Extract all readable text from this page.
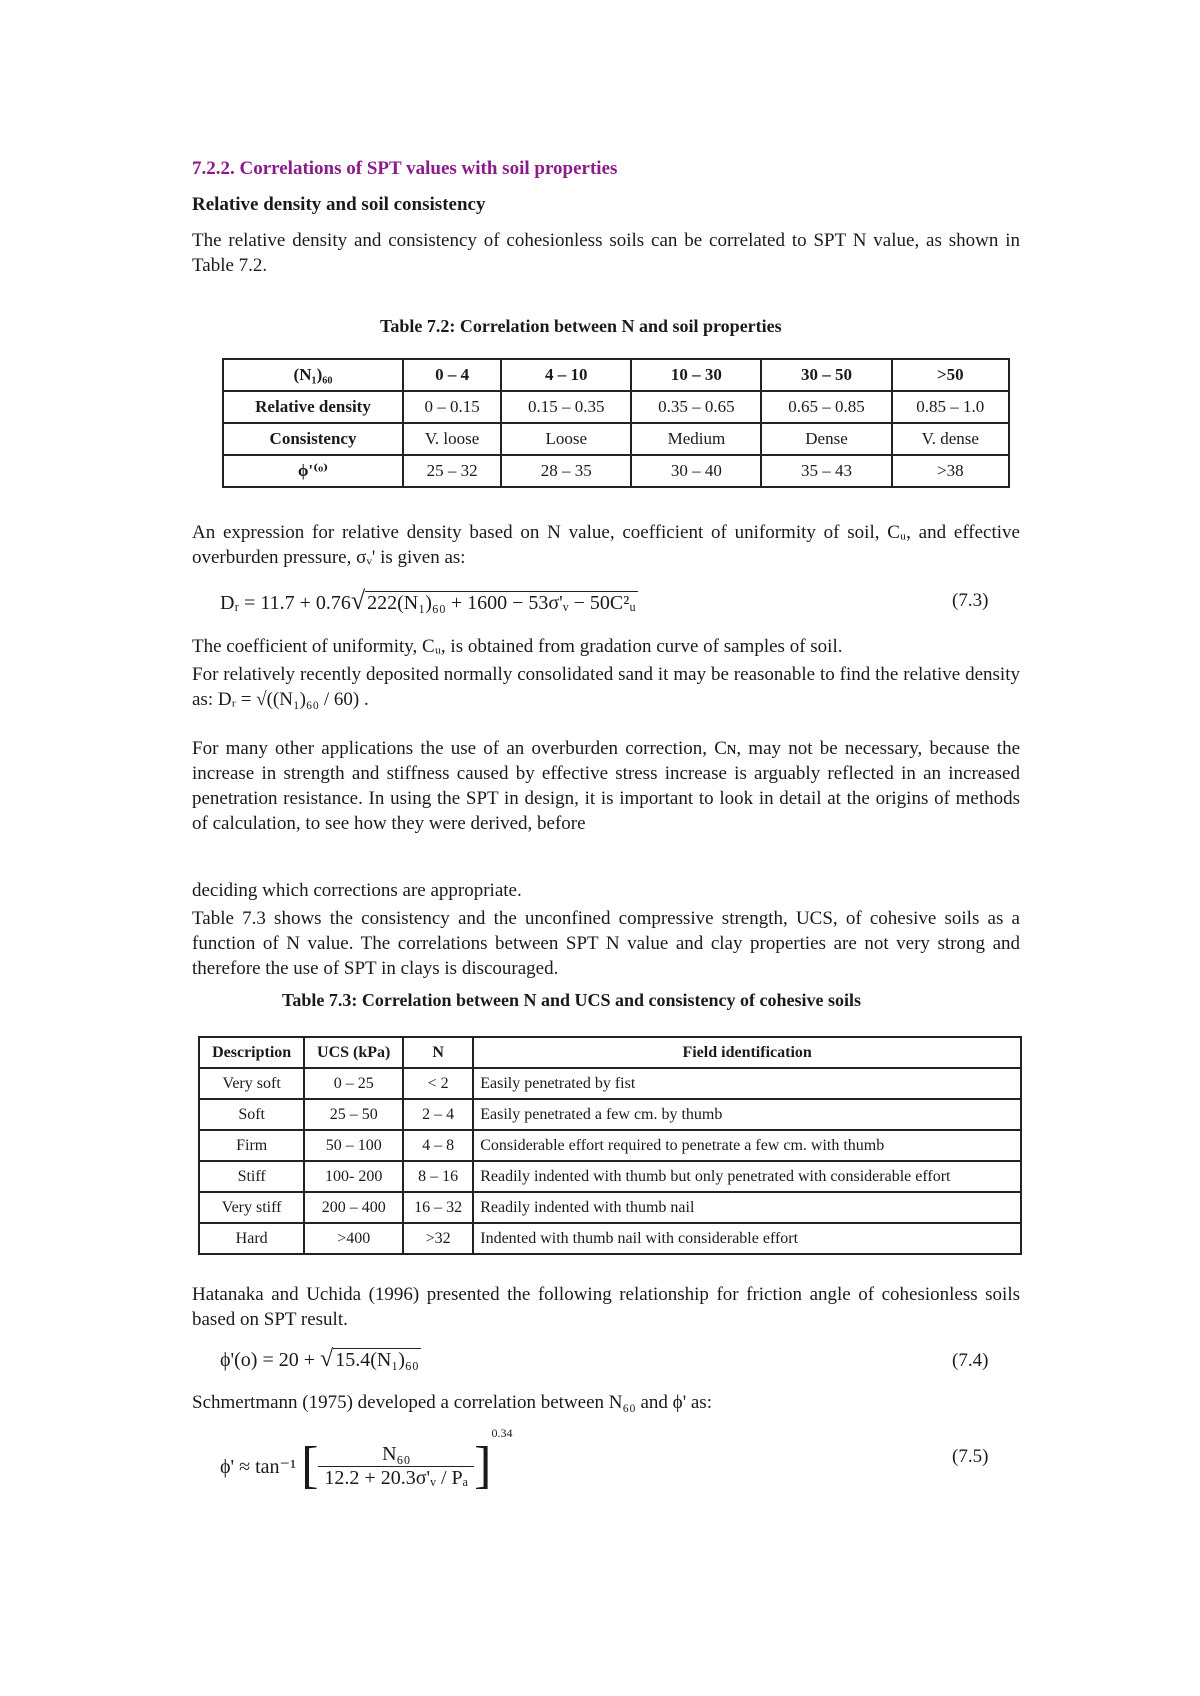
7.2.2. Correlations of SPT values with soil properties
Relative density and soil consistency
The relative density and consistency of cohesionless soils can be correlated to SPT N value, as shown in Table 7.2.
Table 7.2: Correlation between N and soil properties
(N₁)₆₀	0 – 4	4 – 10	10 – 30	30 – 50	>50
Relative density	0 – 0.15	0.15 – 0.35	0.35 – 0.65	0.65 – 0.85	0.85 – 1.0
Consistency	V. loose	Loose	Medium	Dense	V. dense
ϕ'⁽ᵒ⁾	25 – 32	28 – 35	30 – 40	35 – 43	>38
An expression for relative density based on N value, coefficient of uniformity of soil, Cᵤ, and effective overburden pressure, σᵥ' is given as:
Dᵣ = 11.7 + 0.76√ 222(N₁)₆₀ + 1600 − 53σ'ᵥ − 50C²ᵤ	(7.3)
The coefficient of uniformity, Cᵤ, is obtained from gradation curve of samples of soil.
For relatively recently deposited normally consolidated sand it may be reasonable to find the relative density as: Dᵣ = √((N₁)₆₀ / 60) .
For many other applications the use of an overburden correction, Cɴ, may not be necessary, because the increase in strength and stiffness caused by effective stress increase is arguably reflected in an increased penetration resistance. In using the SPT in design, it is important to look in detail at the origins of methods of calculation, to see how they were derived, before
deciding which corrections are appropriate.
Table 7.3 shows the consistency and the unconfined compressive strength, UCS, of cohesive soils as a function of N value. The correlations between SPT N value and clay properties are not very strong and therefore the use of SPT in clays is discouraged.
Table 7.3: Correlation between N and UCS and consistency of cohesive soils
Description	UCS (kPa)	N	Field identification
Very soft	0 – 25	< 2	Easily penetrated by fist
Soft	25 – 50	2 – 4	Easily penetrated a few cm. by thumb
Firm	50 – 100	4 – 8	Considerable effort required to penetrate a few cm. with thumb
Stiff	100- 200	8 – 16	Readily indented with thumb but only penetrated with considerable effort
Very stiff	200 – 400	16 – 32	Readily indented with thumb nail
Hard	>400	>32	Indented with thumb nail with considerable effort
Hatanaka and Uchida (1996) presented the following relationship for friction angle of cohesionless soils based on SPT result.
ϕ'(o) = 20 + √ 15.4(N₁)₆₀	(7.4)
Schmertmann (1975) developed a correlation between N₆₀ and ϕ' as:
ϕ' ≈ tan⁻¹ [ $\frac{\text{N₆₀}}{\text{12.2 + 20.3σ'ᵥ / Pₐ}} ]^{0.34}$
(7.5)
